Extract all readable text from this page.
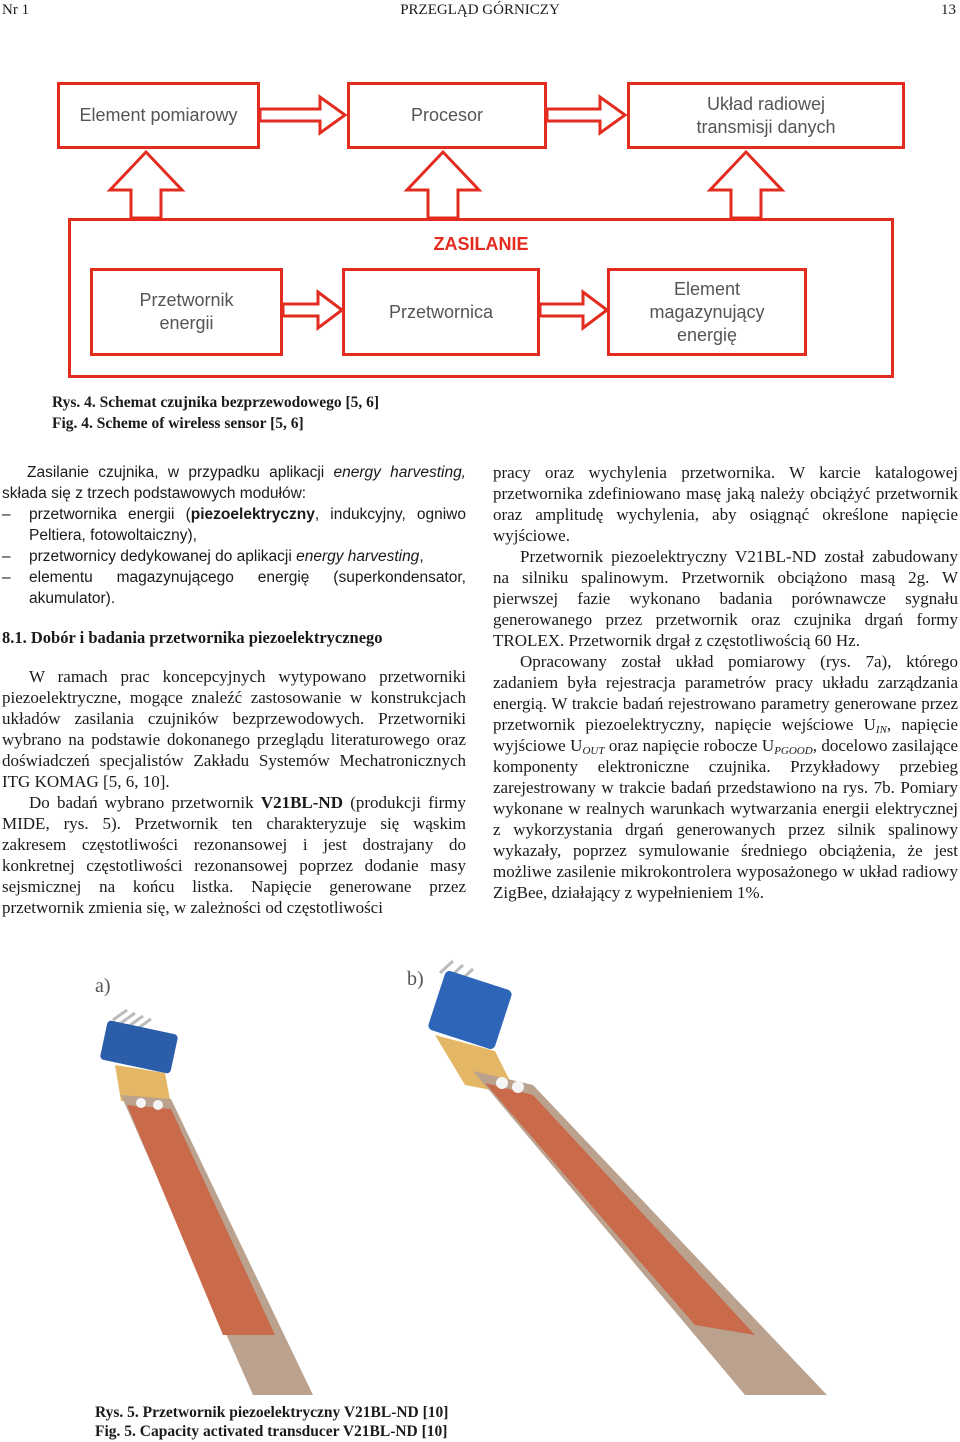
Nr 1	PRZEGLĄD GÓRNICZY	13
Element pomiarowy	Procesor
Układ radiowej
transmisji danych
ZASILANIE
Przetwornik
energii
Przetwornica
Element
magazynujący
energię
Rys. 4. Schemat czujnika bezprzewodowego [5, 6]
Fig. 4. Scheme of wireless sensor [5, 6]

Zasilanie czujnika, w przypadku aplikacji energy harvesting, składa się z trzech podstawowych modułów:

– przetwornika energii (piezoelektryczny, indukcyjny, ogniwo Peltiera, fotowoltaiczny),

– przetwornicy dedykowanej do aplikacji energy harvesting,

– elementu magazynującego energię (superkondensator, akumulator).

8.1. Dobór i badania przetwornika piezoelektrycznego

W ramach prac koncepcyjnych wytypowano przetworniki piezoelektryczne, mogące znaleźć zastosowanie w konstrukcjach układów zasilania czujników bezprzewodowych. Przetworniki wybrano na podstawie dokonanego przeglądu literaturowego oraz doświadczeń specjalistów Zakładu Systemów Mechatronicznych ITG KOMAG [5, 6, 10].

Do badań wybrano przetwornik V21BL-ND (produkcji firmy MIDE, rys. 5). Przetwornik ten charakteryzuje się wąskim zakresem częstotliwości rezonansowej i jest dostrajany do konkretnej częstotliwości rezonansowej poprzez dodanie masy sejsmicznej na końcu listka. Napięcie generowane przez przetwornik zmienia się, w zależności od częstotliwości

pracy oraz wychylenia przetwornika. W karcie katalogowej przetwornika zdefiniowano masę jaką należy obciążyć przetwornik oraz amplitudę wychylenia, aby osiągnąć określone napięcie wyjściowe.

Przetwornik piezoelektryczny V21BL-ND został zabudowany na silniku spalinowym. Przetwornik obciążono masą 2g. W pierwszej fazie wykonano badania porównawcze sygnału generowanego przez przetwornik oraz czujnika drgań formy TROLEX. Przetwornik drgał z częstotliwością 60 Hz.

Opracowany został układ pomiarowy (rys. 7a), którego zadaniem była rejestracja parametrów pracy układu zarządzania energią. W trakcie badań rejestrowano parametry generowane przez przetwornik piezoelektryczny, napięcie wejściowe $U_{IN}$, napięcie wyjściowe $U_{OUT}$ oraz napięcie robocze $U_{PGOOD}$, docelowo zasilające komponenty elektroniczne czujnika. Przykładowy przebieg zarejestrowany w trakcie badań przedstawiono na rys. 7b. Pomiary wykonane w realnych warunkach wytwarzania energii elektrycznej z wykorzystania drgań generowanych przez silnik spalinowy wykazały, poprzez symulowanie średniego obciążenia, że jest możliwe zasilenie mikrokontrolera wyposażonego w układ radiowy ZigBee, działający z wypełnieniem 1%.

a)	b)
Rys. 5. Przetwornik piezoelektryczny V21BL-ND [10]
Fig. 5. Capacity activated transducer V21BL-ND [10]
